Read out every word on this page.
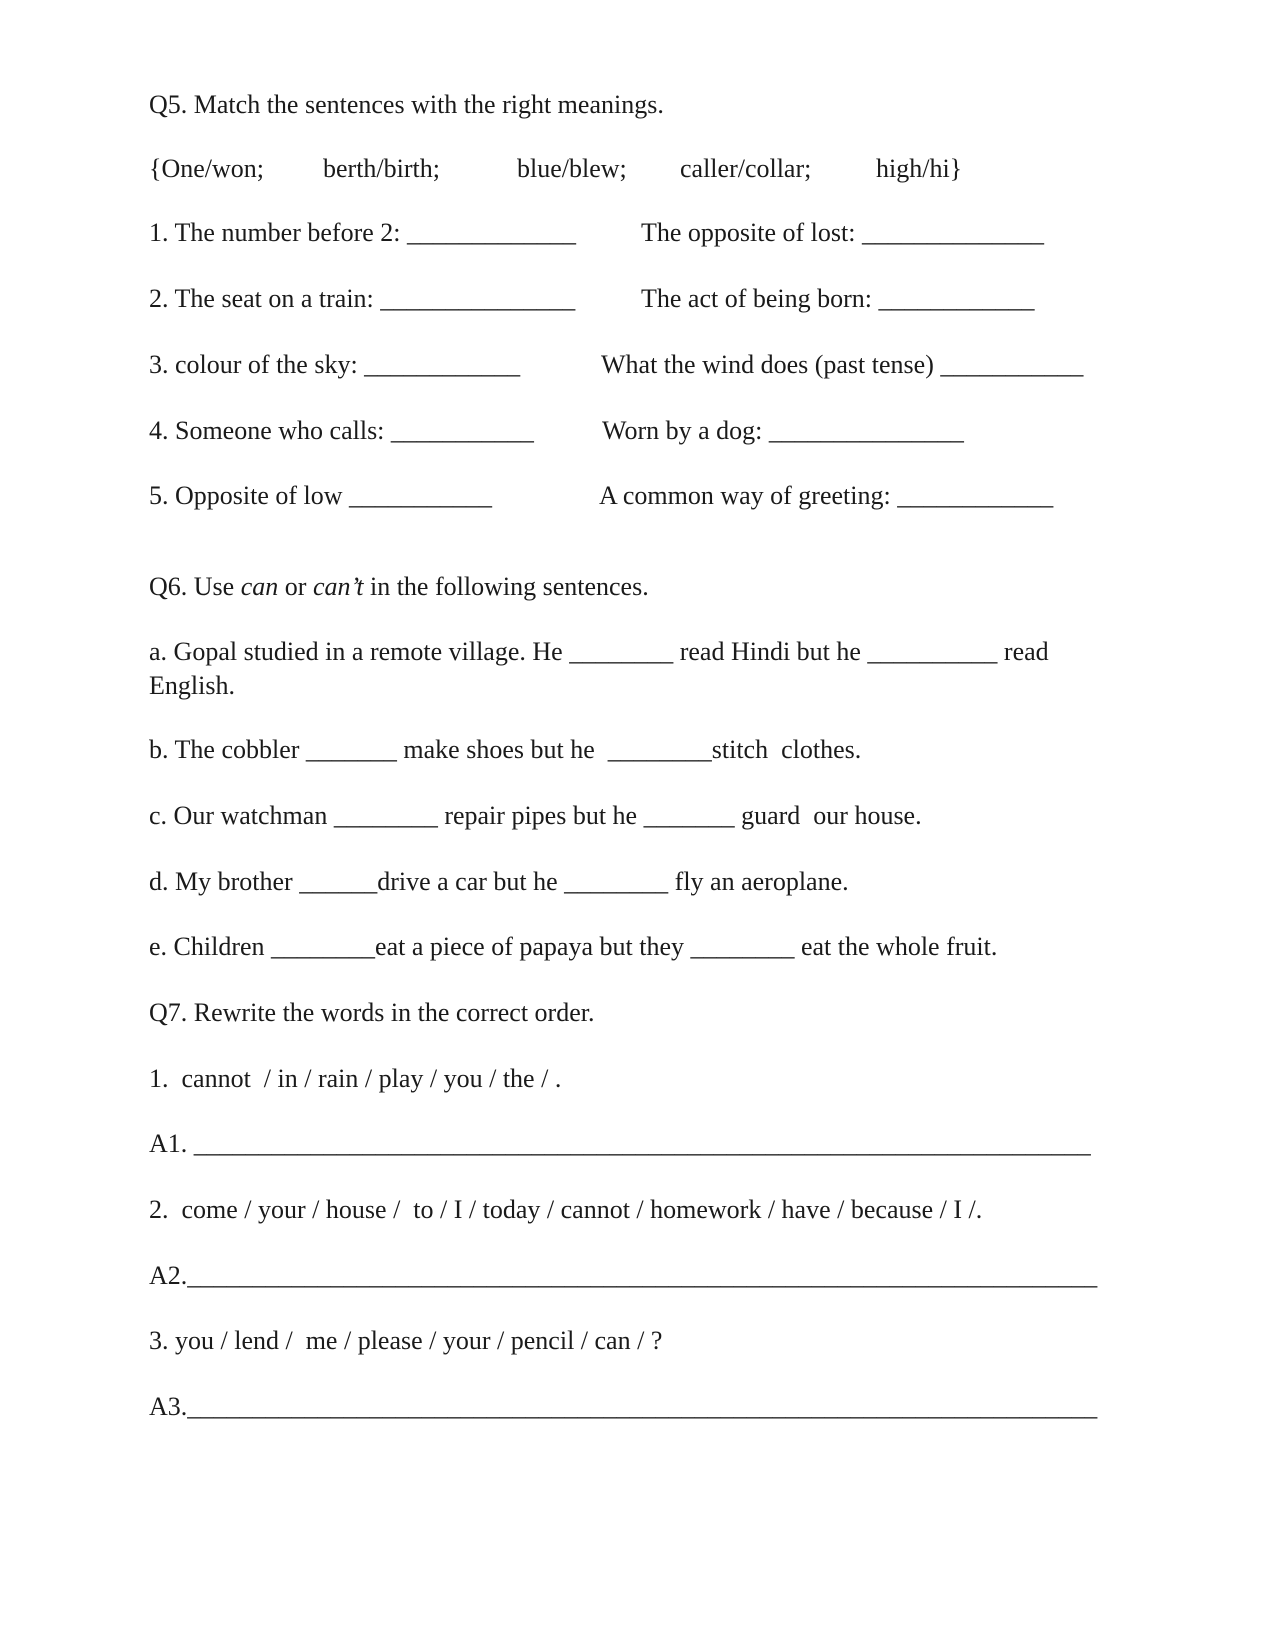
Q5. Match the sentences with the right meanings.
{One/won; berth/birth;	blue/blew; caller/collar; high/hi}
1. The number before 2: _____________	The opposite of lost: ______________
2. The seat on a train: _______________	The act of being born: ____________
3. colour of the sky: ____________	What the wind does (past tense) ___________
4. Someone who calls: ___________	Worn by a dog: _______________
5. Opposite of low ___________	A common way of greeting: ____________
Q6. Use can or can’t in the following sentences.
a. Gopal studied in a remote village. He ________ read Hindi but he __________ read
English.
b. The cobbler _______ make shoes but he  ________stitch  clothes.
c. Our watchman ________ repair pipes but he _______ guard  our house.
d. My brother ______drive a car but he ________ fly an aeroplane.
e. Children ________eat a piece of papaya but they ________ eat the whole fruit.
Q7. Rewrite the words in the correct order.
1.  cannot  / in / rain / play / you / the / .
A1. _____________________________________________________________________
2.  come / your / house /  to / I / today / cannot / homework / have / because / I /.
A2.______________________________________________________________________
3. you / lend /  me / please / your / pencil / can / ?
A3.______________________________________________________________________
